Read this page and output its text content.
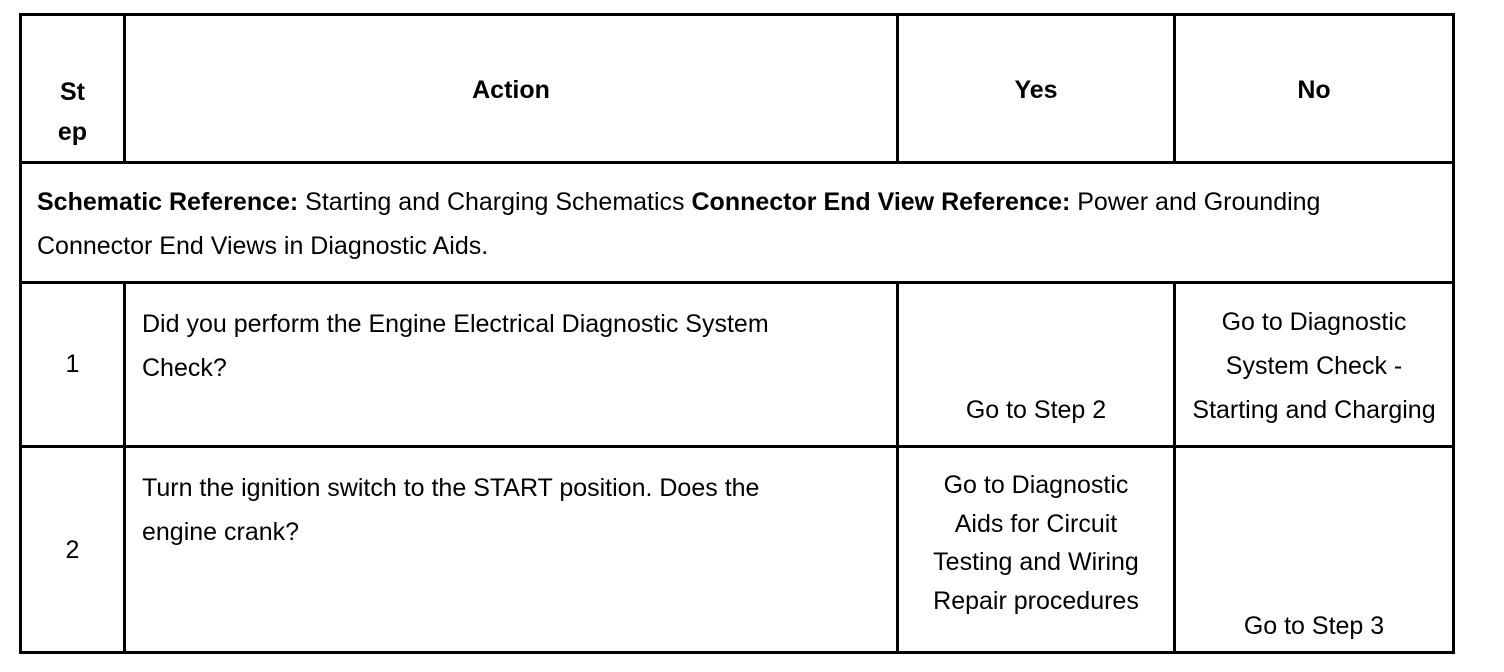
St
ep
Action	Yes	No
Schematic Reference: Starting and Charging Schematics Connector End View Reference: Power and Grounding Connector End Views in Diagnostic Aids.
1
Did you perform the Engine Electrical Diagnostic System Check?
Go to Step 2
Go to Diagnostic
System Check -
Starting and Charging
2
Turn the ignition switch to the START position. Does the engine crank?
Go to Diagnostic
Aids for Circuit
Testing and Wiring
Repair procedures
Go to Step 3
